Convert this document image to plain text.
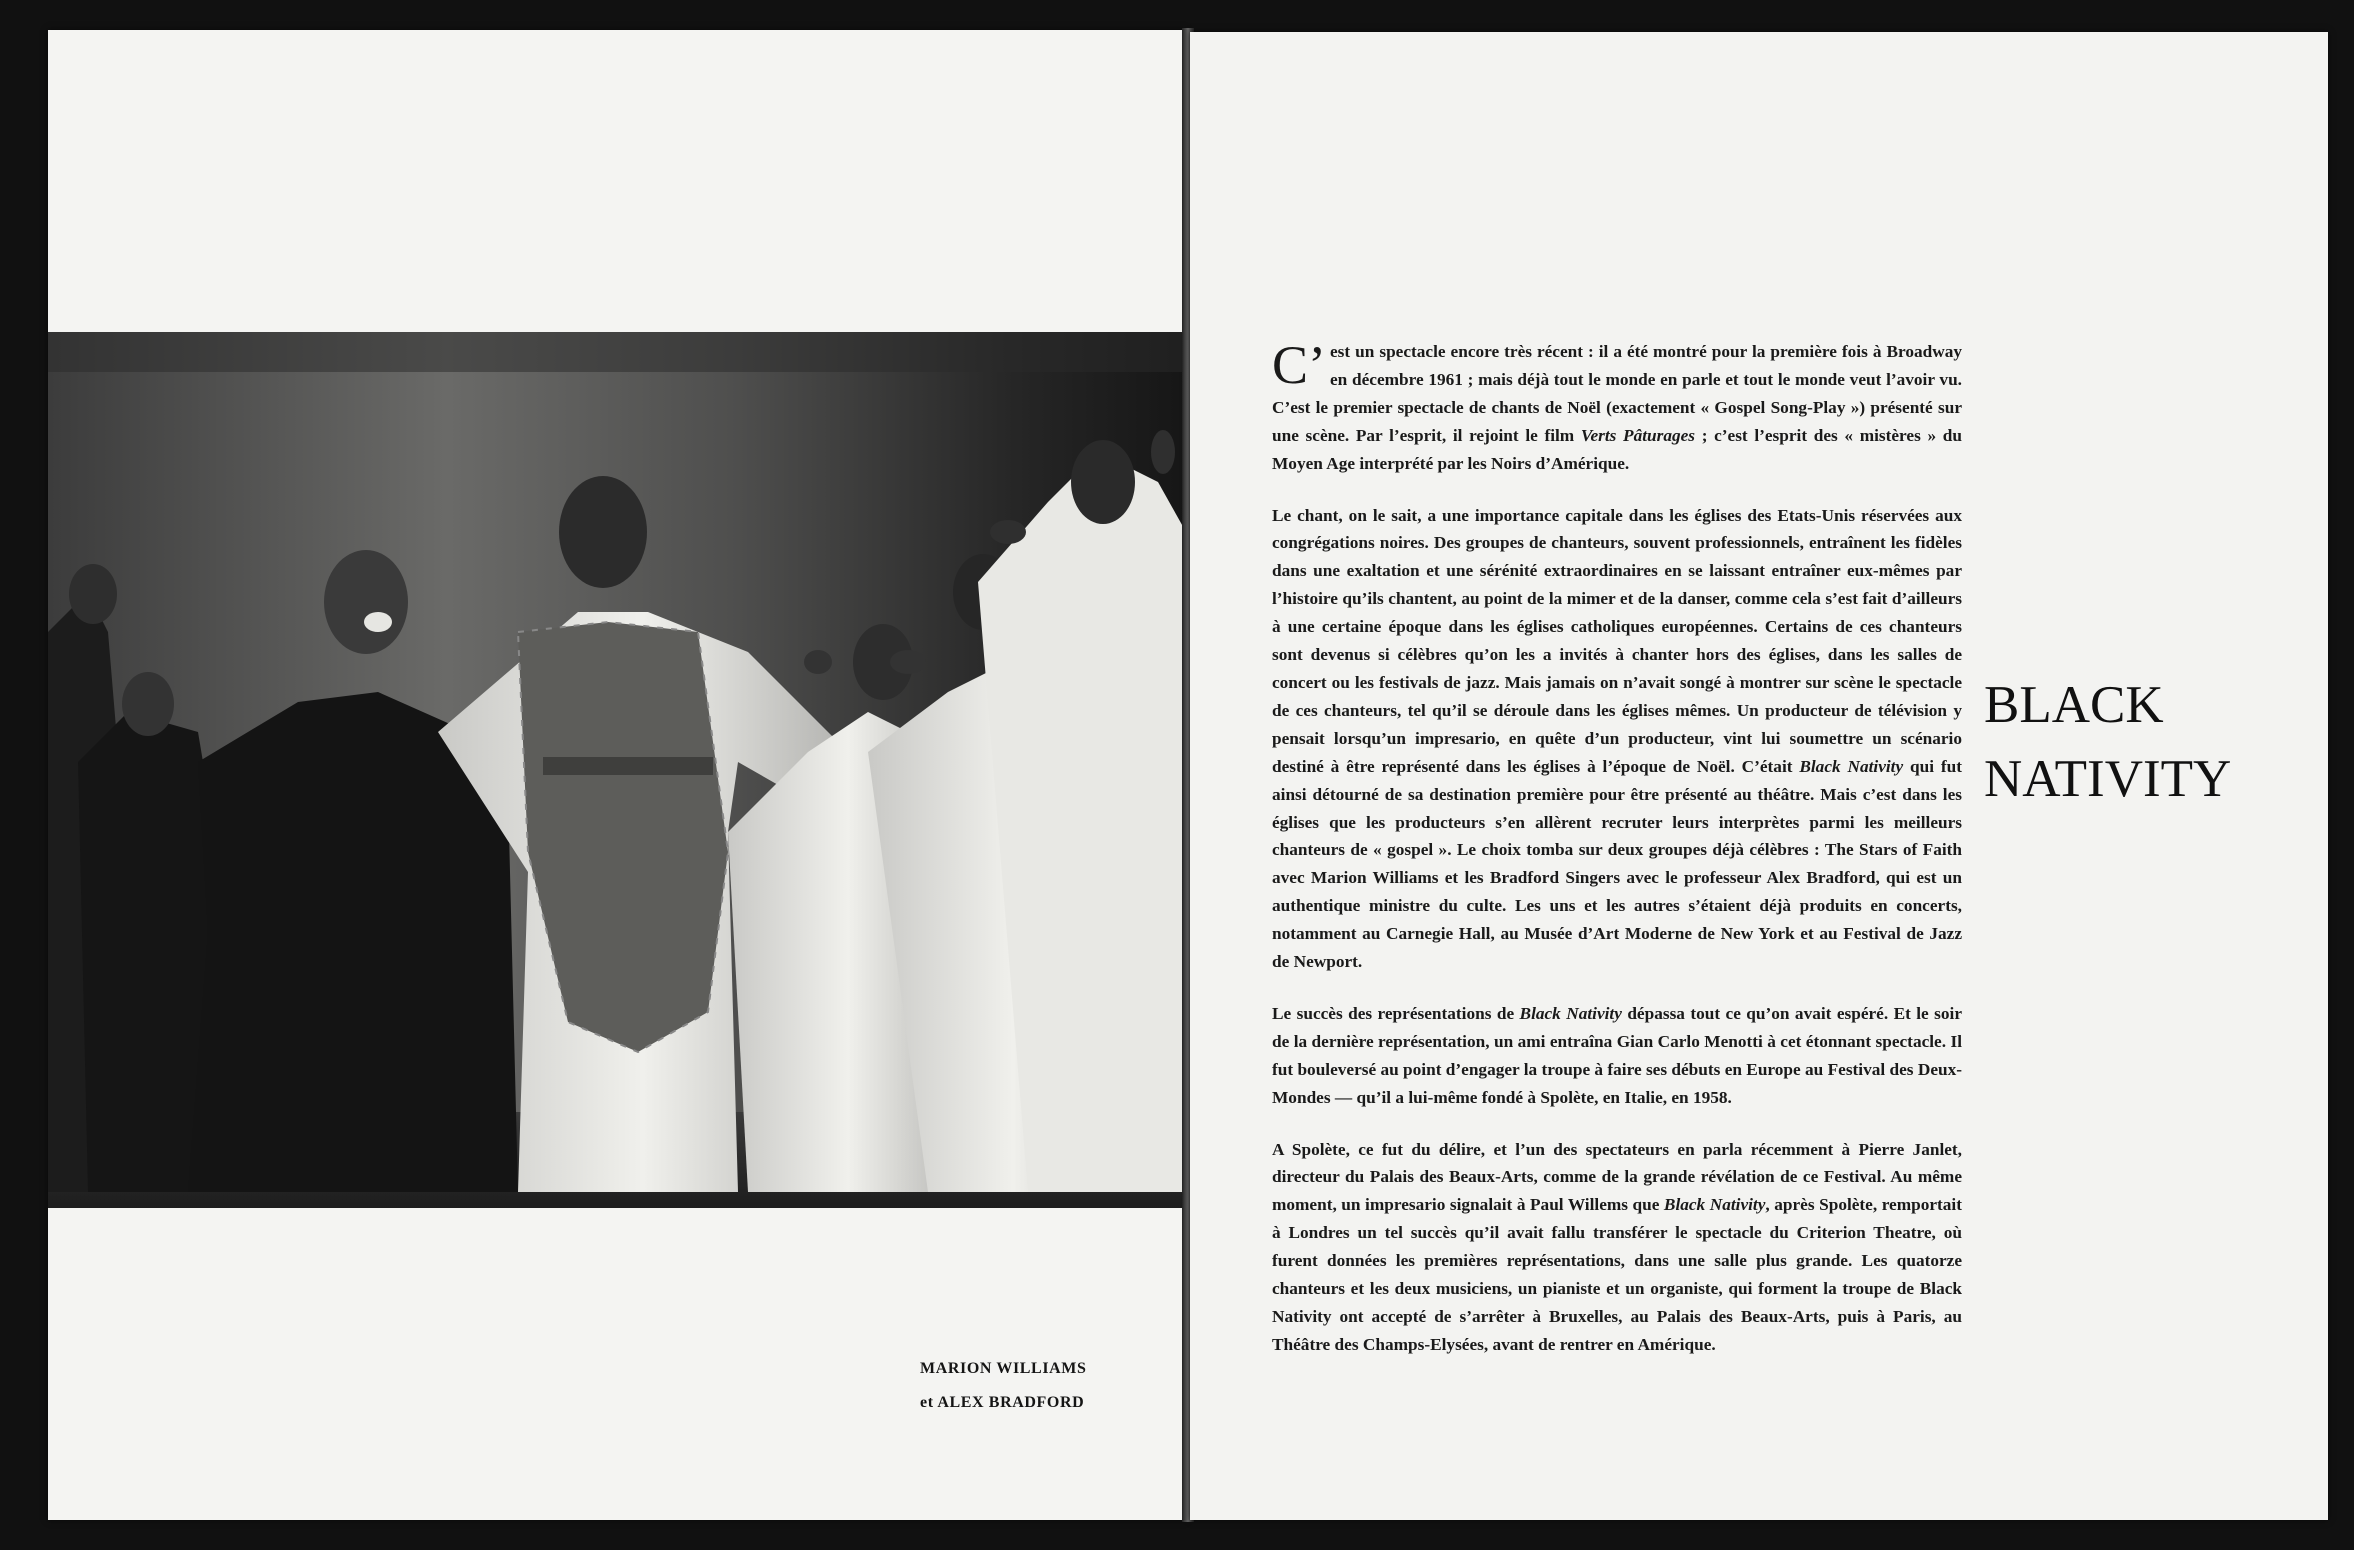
MARION WILLIAMS
et ALEX BRADFORD

C’est un spectacle encore très récent : il a été montré pour la première fois à Broadway en décembre 1961 ; mais déjà tout le monde en parle et tout le monde veut l’avoir vu. C’est le premier spectacle de chants de Noël (exactement « Gospel Song-Play ») présenté sur une scène. Par l’esprit, il rejoint le film Verts Pâturages ; c’est l’esprit des « mistères » du Moyen Age interprété par les Noirs d’Amérique.

Le chant, on le sait, a une importance capitale dans les églises des Etats-Unis réservées aux congrégations noires. Des groupes de chanteurs, souvent professionnels, entraînent les fidèles dans une exaltation et une sérénité extraordinaires en se laissant entraîner eux-mêmes par l’histoire qu’ils chantent, au point de la mimer et de la danser, comme cela s’est fait d’ailleurs à une certaine époque dans les églises catholiques européennes. Certains de ces chanteurs sont devenus si célèbres qu’on les a invités à chanter hors des églises, dans les salles de concert ou les festivals de jazz. Mais jamais on n’avait songé à montrer sur scène le spectacle de ces chanteurs, tel qu’il se déroule dans les églises mêmes. Un producteur de télévision y pensait lorsqu’un impresario, en quête d’un producteur, vint lui soumettre un scénario destiné à être représenté dans les églises à l’époque de Noël. C’était Black Nativity qui fut ainsi détourné de sa destination première pour être présenté au théâtre. Mais c’est dans les églises que les producteurs s’en allèrent recruter leurs interprètes parmi les meilleurs chanteurs de « gospel ». Le choix tomba sur deux groupes déjà célèbres : The Stars of Faith avec Marion Williams et les Bradford Singers avec le professeur Alex Bradford, qui est un authentique ministre du culte. Les uns et les autres s’étaient déjà produits en concerts, notamment au Carnegie Hall, au Musée d’Art Moderne de New York et au Festival de Jazz de Newport.

Le succès des représentations de Black Nativity dépassa tout ce qu’on avait espéré. Et le soir de la dernière représentation, un ami entraîna Gian Carlo Menotti à cet étonnant spectacle. Il fut bouleversé au point d’engager la troupe à faire ses débuts en Europe au Festival des Deux-Mondes — qu’il a lui-même fondé à Spolète, en Italie, en 1958.

A Spolète, ce fut du délire, et l’un des spectateurs en parla récemment à Pierre Janlet, directeur du Palais des Beaux-Arts, comme de la grande révélation de ce Festival. Au même moment, un impresario signalait à Paul Willems que Black Nativity, après Spolète, remportait à Londres un tel succès qu’il avait fallu transférer le spectacle du Criterion Theatre, où furent données les premières représentations, dans une salle plus grande. Les quatorze chanteurs et les deux musiciens, un pianiste et un organiste, qui forment la troupe de Black Nativity ont accepté de s’arrêter à Bruxelles, au Palais des Beaux-Arts, puis à Paris, au Théâtre des Champs-Elysées, avant de rentrer en Amérique.

BLACK
NATIVITY
